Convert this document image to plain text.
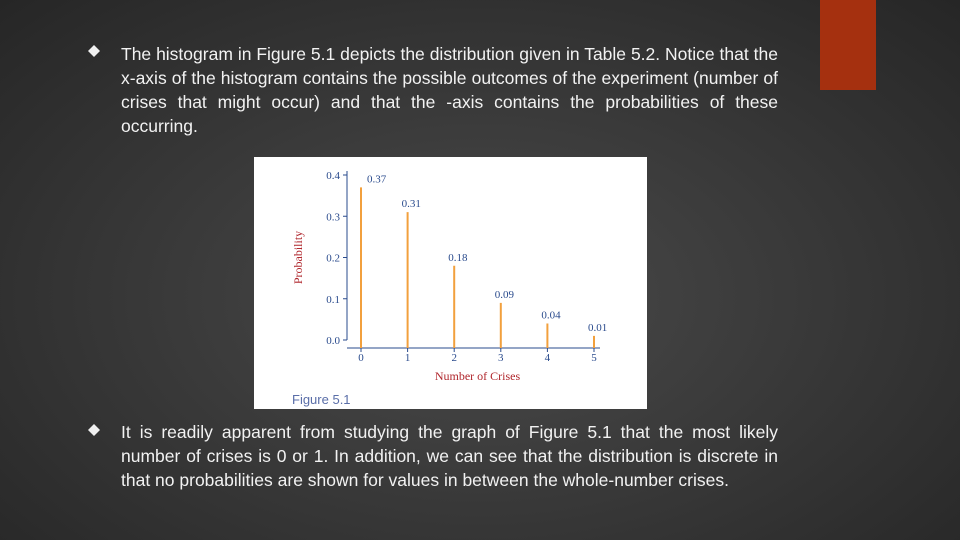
The histogram in Figure 5.1 depicts the distribution given in Table 5.2. Notice that the x-axis of the histogram contains the possible outcomes of the experiment (number of crises that might occur) and that the -axis contains the probabilities of these occurring.

0.0
0.1
0.2
0.3
0.4
Probability
0	1	2	3	4	5
Number of Crises
0.37
0.31
0.18
0.09
0.04
0.01
Figure 5.1

It is readily apparent from studying the graph of Figure 5.1 that the most likely number of crises is 0 or 1. In addition, we can see that the distribution is discrete in that no probabilities are shown for values in between the whole-number crises.
